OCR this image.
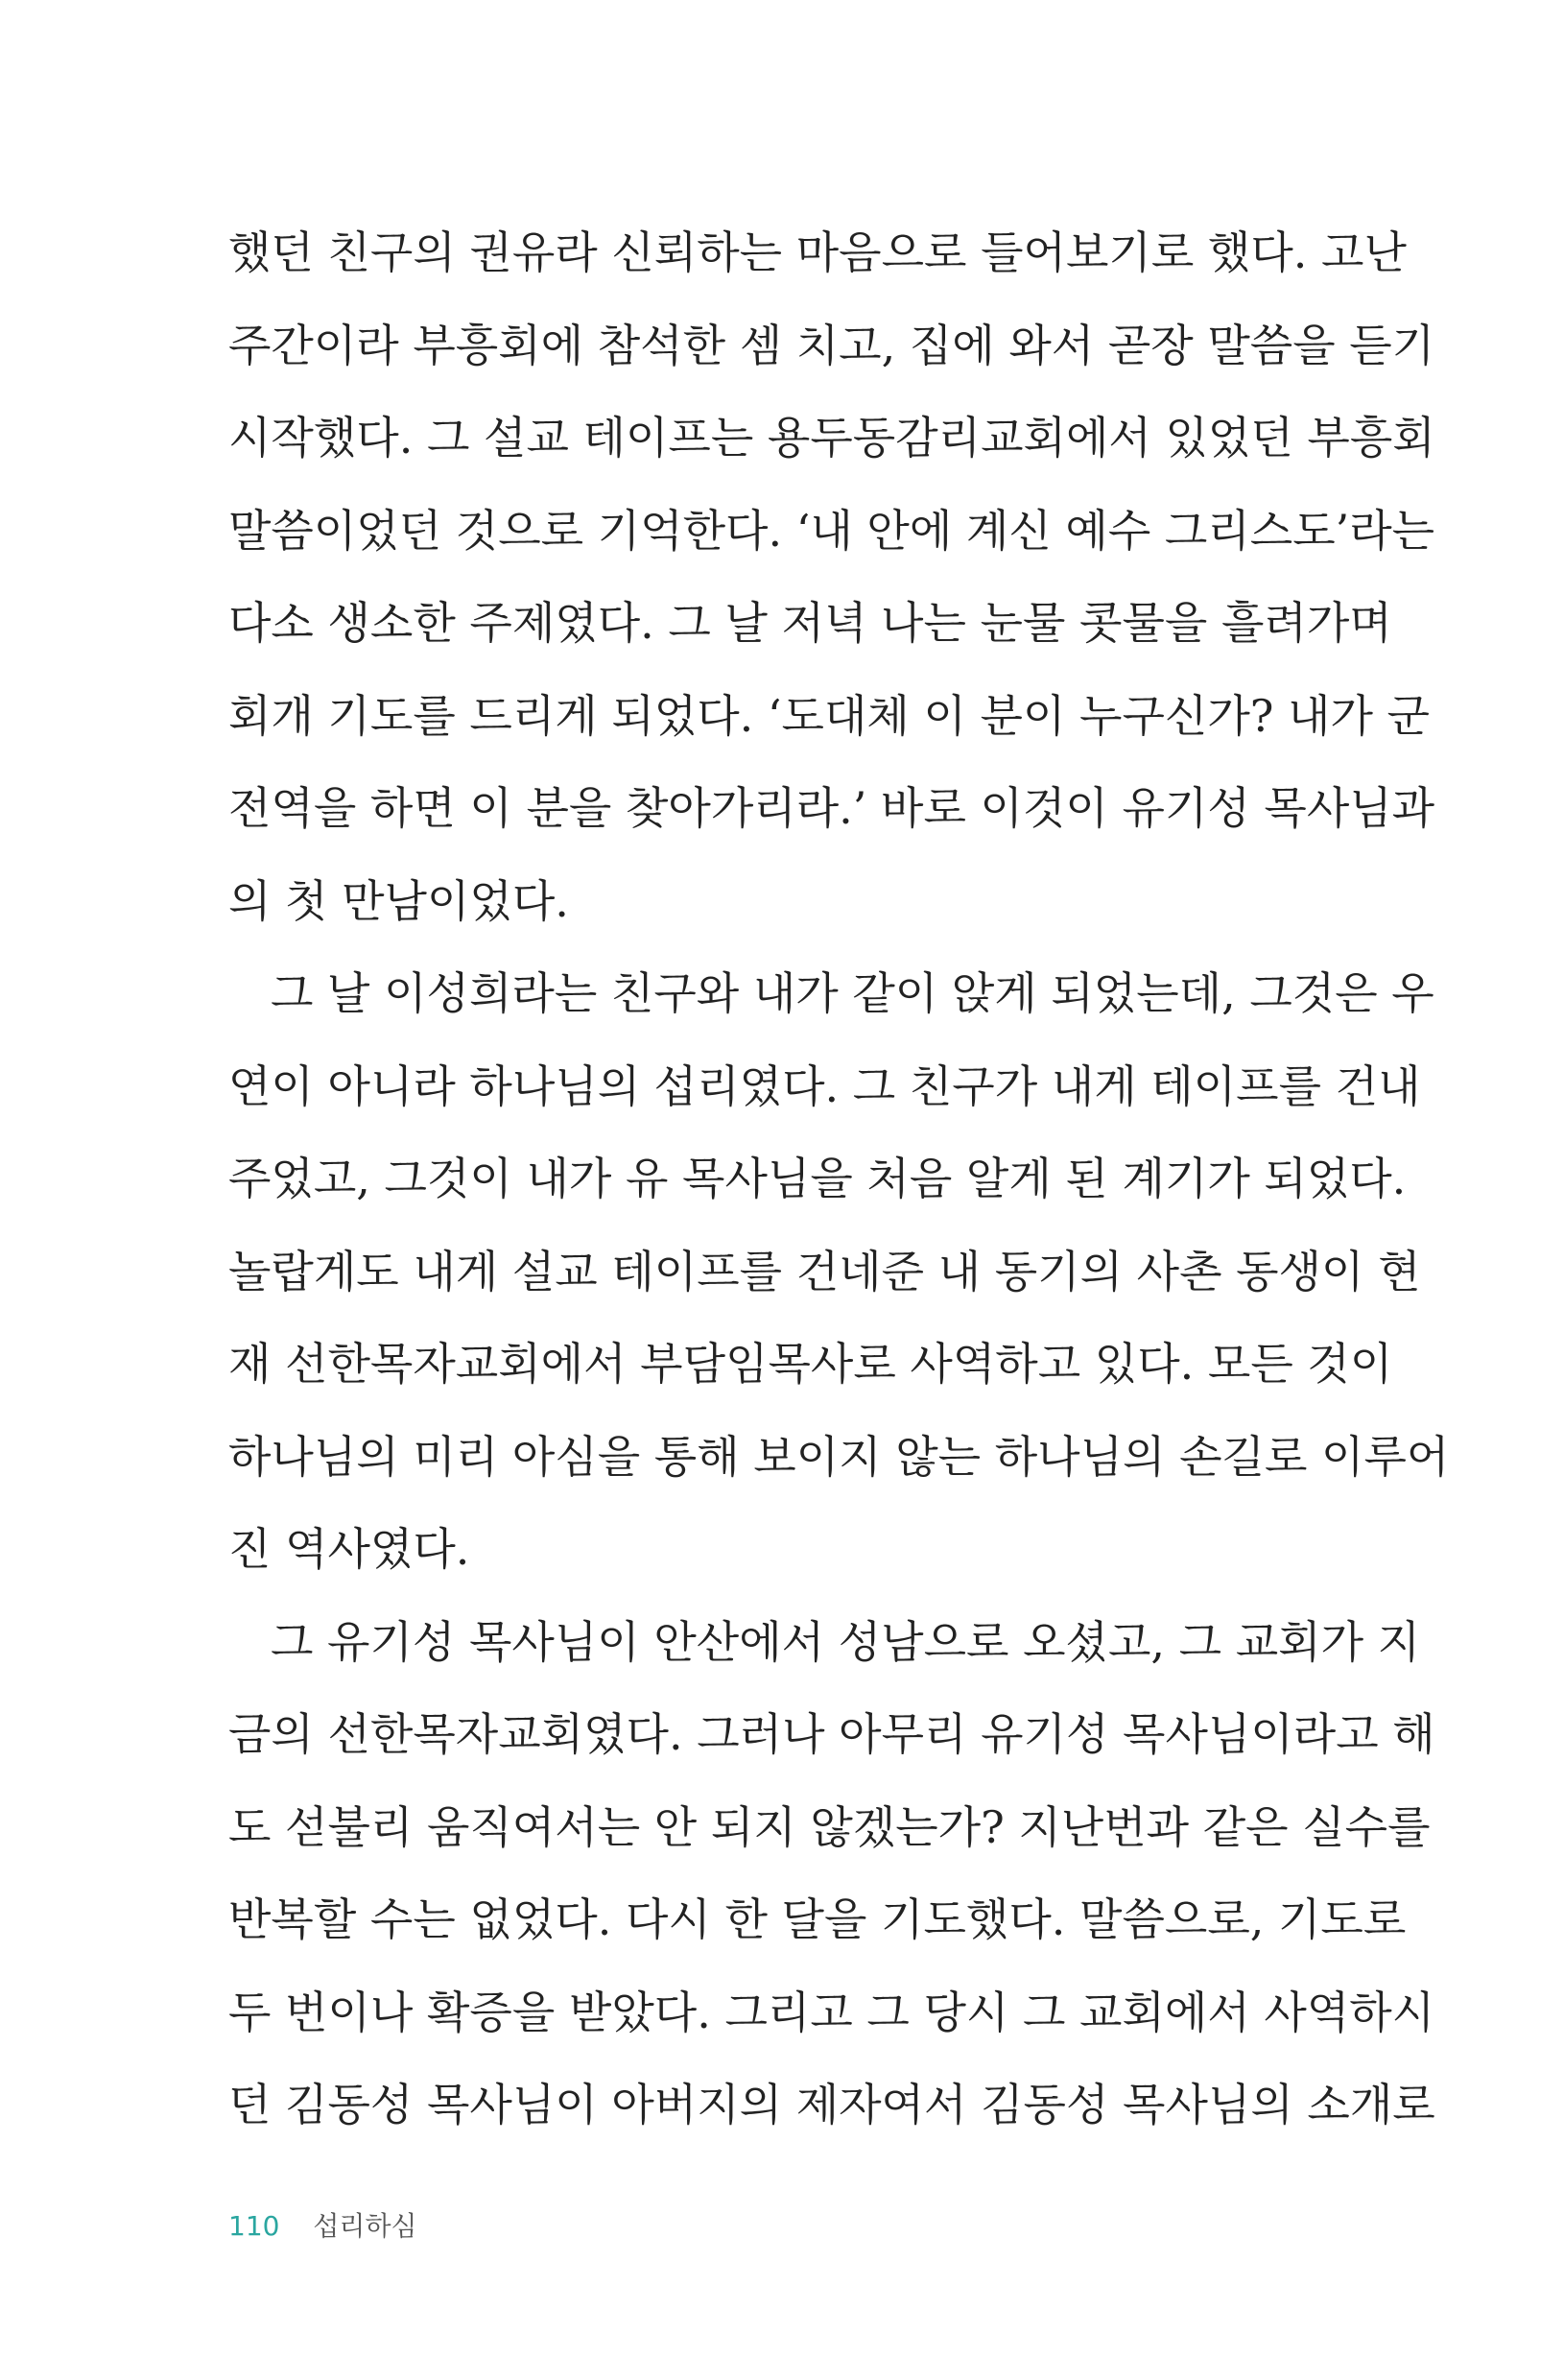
했던 친구의 권유라 신뢰하는 마음으로 들어보기로 했다. 고난
주간이라 부흥회에 참석한 셈 치고, 집에 와서 곧장 말씀을 듣기
시작했다. 그 설교 테이프는 용두동감리교회에서 있었던 부흥회
말씀이었던 것으로 기억한다. ‘내 안에 계신 예수 그리스도’라는
다소 생소한 주제였다. 그 날 저녁 나는 눈물 콧물을 흘려가며
회개 기도를 드리게 되었다. ‘도대체 이 분이 누구신가? 내가 군
전역을 하면 이 분을 찾아가리라.’ 바로 이것이 유기성 목사님과
의 첫 만남이었다.
그 날 이성희라는 친구와 내가 같이 앉게 되었는데, 그것은 우
연이 아니라 하나님의 섭리였다. 그 친구가 내게 테이프를 건내
주었고, 그것이 내가 유 목사님을 처음 알게 된 계기가 되었다.
놀랍게도 내게 설교 테이프를 건네준 내 동기의 사촌 동생이 현
재 선한목자교회에서 부담임목사로 사역하고 있다. 모든 것이
하나님의 미리 아심을 통해 보이지 않는 하나님의 손길로 이루어
진 역사였다.
그 유기성 목사님이 안산에서 성남으로 오셨고, 그 교회가 지
금의 선한목자교회였다. 그러나 아무리 유기성 목사님이라고 해
도 섣불리 움직여서는 안 되지 않겠는가? 지난번과 같은 실수를
반복할 수는 없었다. 다시 한 달을 기도했다. 말씀으로, 기도로
두 번이나 확증을 받았다. 그리고 그 당시 그 교회에서 사역하시
던 김동성 목사님이 아버지의 제자여서 김동성 목사님의 소개로
110 섭리하심
